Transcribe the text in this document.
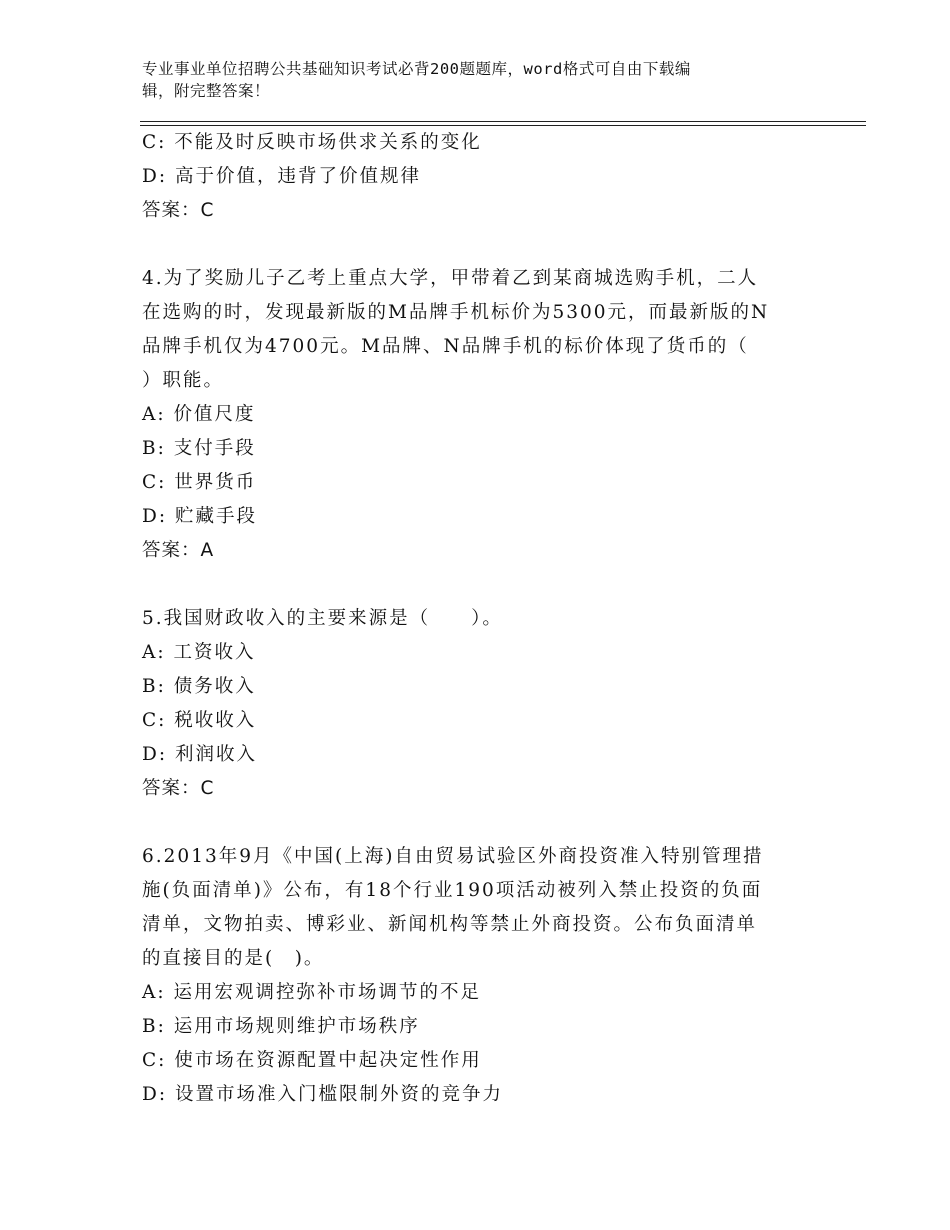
专业事业单位招聘公共基础知识考试必背200题题库，word格式可自由下载编
辑，附完整答案！
C: 不能及时反映市场供求关系的变化
D: 高于价值，违背了价值规律
答案：C
4.为了奖励儿子乙考上重点大学，甲带着乙到某商城选购手机，二人
在选购的时，发现最新版的M品牌手机标价为5300元，而最新版的N
品牌手机仅为4700元。M品牌、N品牌手机的标价体现了货币的（
）职能。
A: 价值尺度
B: 支付手段
C: 世界货币
D: 贮藏手段
答案：A
5.我国财政收入的主要来源是（　　）。
A: 工资收入
B: 债务收入
C: 税收收入
D: 利润收入
答案：C
6.2013年9月《中国(上海)自由贸易试验区外商投资准入特别管理措
施(负面清单)》公布，有18个行业190项活动被列入禁止投资的负面
清单，文物拍卖、博彩业、新闻机构等禁止外商投资。公布负面清单
的直接目的是(　)。
A: 运用宏观调控弥补市场调节的不足
B: 运用市场规则维护市场秩序
C: 使市场在资源配置中起决定性作用
D: 设置市场准入门槛限制外资的竞争力
